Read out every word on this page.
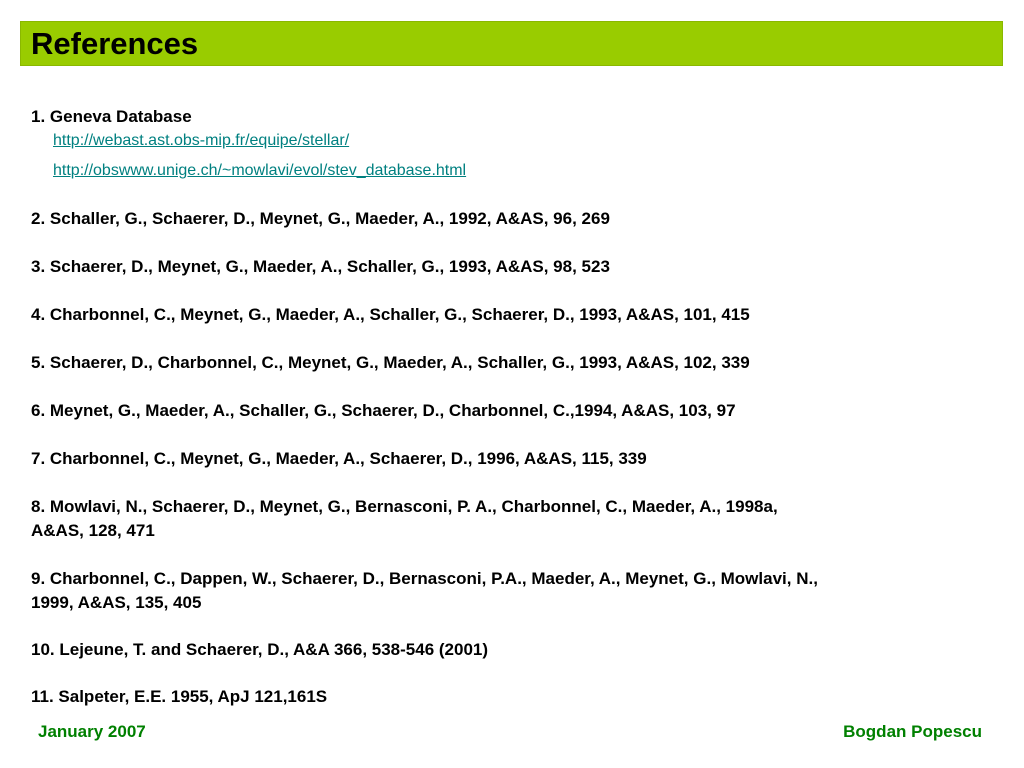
References
1. Geneva Database
http://webast.ast.obs-mip.fr/equipe/stellar/
http://obswww.unige.ch/~mowlavi/evol/stev_database.html
2. Schaller, G., Schaerer, D., Meynet, G., Maeder, A., 1992, A&AS, 96, 269
3. Schaerer, D., Meynet, G., Maeder, A., Schaller, G., 1993, A&AS, 98, 523
4. Charbonnel, C., Meynet, G., Maeder, A., Schaller, G., Schaerer, D., 1993, A&AS, 101, 415
5. Schaerer, D., Charbonnel, C., Meynet, G., Maeder, A., Schaller, G., 1993, A&AS, 102, 339
6. Meynet, G., Maeder, A., Schaller, G., Schaerer, D., Charbonnel, C.,1994, A&AS, 103, 97
7. Charbonnel, C., Meynet, G., Maeder, A., Schaerer, D., 1996, A&AS, 115, 339
8. Mowlavi, N., Schaerer, D., Meynet, G., Bernasconi, P. A., Charbonnel, C., Maeder, A., 1998a,
A&AS, 128, 471
9. Charbonnel, C., Dappen, W., Schaerer, D., Bernasconi, P.A., Maeder, A., Meynet, G., Mowlavi, N.,
1999, A&AS, 135, 405
10. Lejeune, T. and Schaerer, D., A&A 366, 538-546 (2001)
11. Salpeter, E.E. 1955, ApJ 121,161S
January 2007	Bogdan Popescu
